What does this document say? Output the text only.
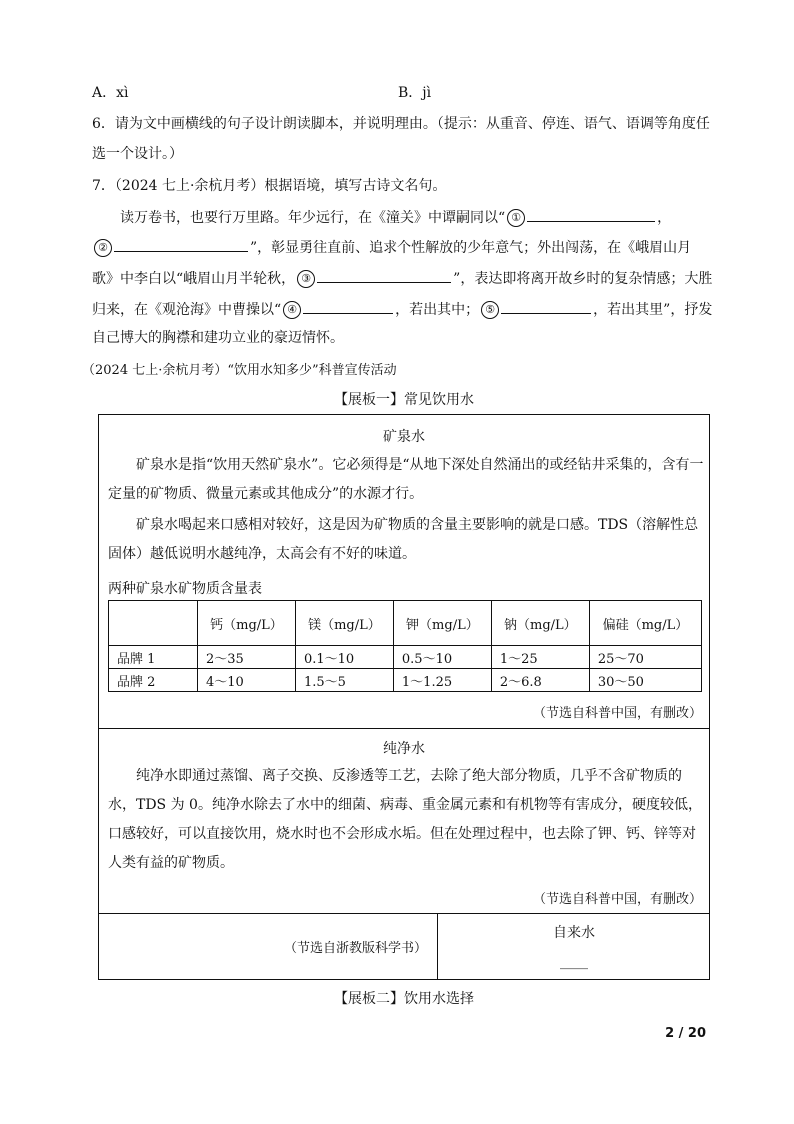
A．xì	B．jì
6．请为文中画横线的句子设计朗读脚本，并说明理由。（提示：从重音、停连、语气、语调等角度任
选一个设计。）
7．（2024 七上·余杭月考）根据语境，填写古诗文名句。
读万卷书，也要行万里路。年少远行，在《潼关》中谭嗣同以“ ①	，
②	”，彰显勇往直前、追求个性解放的少年意气；外出闯荡，在《峨眉山月
歌》中李白以“峨眉山月半轮秋， ③	”，表达即将离开故乡时的复杂情感；大胜
归来，在《观沧海》中曹操以“ ④	，若出其中； ⑤	，若出其里”，抒发
自己博大的胸襟和建功立业的豪迈情怀。
（2024 七上·余杭月考）“饮用水知多少”科普宣传活动
【展板一】常见饮用水
矿泉水
矿泉水是指“饮用天然矿泉水”。它必须得是“从地下深处自然涌出的或经钻井采集的，含有一定量的矿物质、微量元素或其他成分”的水源才行。
矿泉水喝起来口感相对较好，这是因为矿物质的含量主要影响的就是口感。TDS（溶解性总固体）越低说明水越纯净，太高会有不好的味道。
两种矿泉水矿物质含量表
	钙（mg/L）	镁（mg/L）	钾（mg/L）	钠（mg/L）	偏硅（mg/L）
品牌 1	2～35	0.1～10	0.5～10	1～25	25～70
品牌 2	4～10	1.5～5	1～1.25	2～6.8	30～50
（节选自科普中国，有删改）
纯净水
纯净水即通过蒸馏、离子交换、反渗透等工艺，去除了绝大部分物质，几乎不含矿物质的水，TDS 为 0。纯净水除去了水中的细菌、病毒、重金属元素和有机物等有害成分，硬度较低，口感较好，可以直接饮用，烧水时也不会形成水垢。但在处理过程中，也去除了钾、钙、锌等对人类有益的矿物质。
（节选自科普中国，有删改）
（节选自浙教版科学书）
自来水
____
【展板二】饮用水选择
2 / 20
